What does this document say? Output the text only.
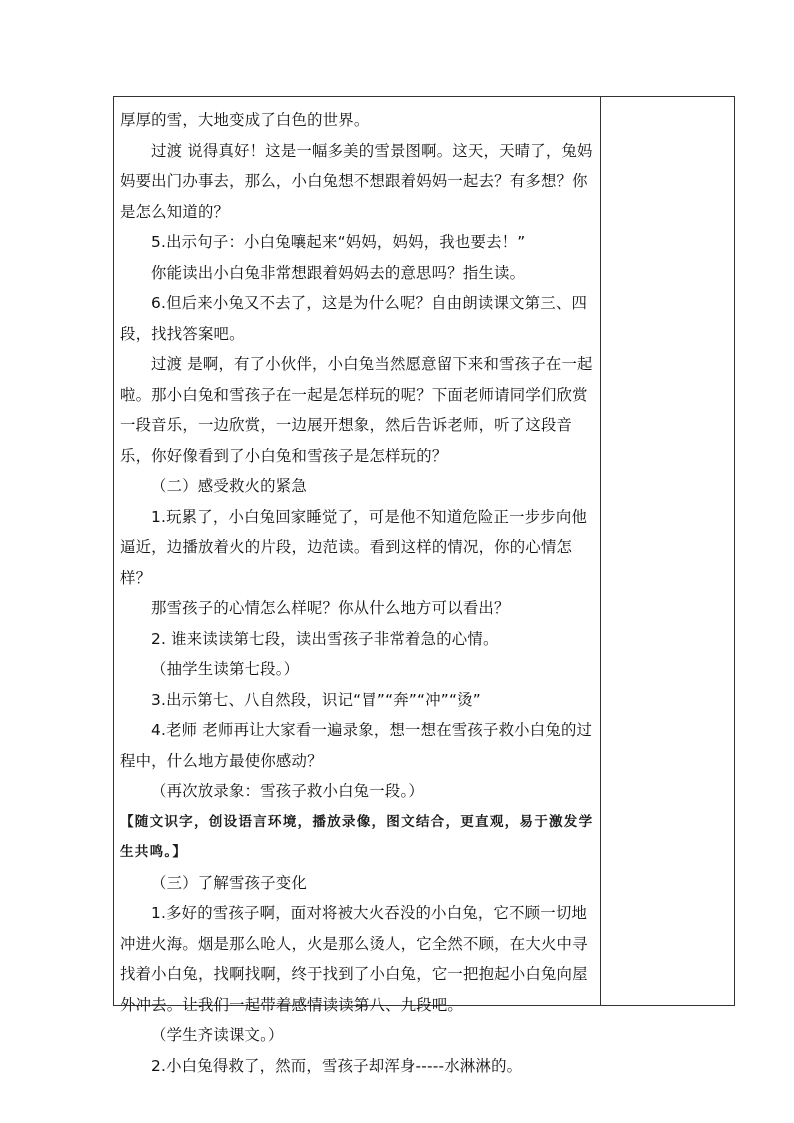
厚厚的雪，大地变成了白色的世界。

过渡 说得真好！这是一幅多美的雪景图啊。这天，天晴了，兔妈妈要出门办事去，那么，小白兔想不想跟着妈妈一起去？有多想？你是怎么知道的？

5.出示句子：小白兔嚷起来“妈妈，妈妈，我也要去！”

你能读出小白兔非常想跟着妈妈去的意思吗？指生读。

6.但后来小兔又不去了，这是为什么呢？自由朗读课文第三、四段，找找答案吧。

过渡 是啊，有了小伙伴，小白兔当然愿意留下来和雪孩子在一起啦。那小白兔和雪孩子在一起是怎样玩的呢？下面老师请同学们欣赏一段音乐，一边欣赏，一边展开想象，然后告诉老师，听了这段音乐，你好像看到了小白兔和雪孩子是怎样玩的？

（二）感受救火的紧急

1.玩累了，小白兔回家睡觉了，可是他不知道危险正一步步向他逼近，边播放着火的片段，边范读。看到这样的情况，你的心情怎样？

那雪孩子的心情怎么样呢？你从什么地方可以看出？

2. 谁来读读第七段，读出雪孩子非常着急的心情。

（抽学生读第七段。）

3.出示第七、八自然段，识记“冒”“奔”“冲”“烫”

4.老师 老师再让大家看一遍录象，想一想在雪孩子救小白兔的过程中，什么地方最使你感动？

（再次放录象：雪孩子救小白兔一段。）

【随文识字，创设语言环境，播放录像，图文结合，更直观，易于激发学生共鸣。】

（三）了解雪孩子变化

1.多好的雪孩子啊，面对将被大火吞没的小白兔，它不顾一切地冲进火海。烟是那么呛人，火是那么烫人，它全然不顾，在大火中寻找着小白兔，找啊找啊，终于找到了小白兔，它一把抱起小白兔向屋外冲去。让我们一起带着感情读读第八、九段吧。

（学生齐读课文。）

2.小白兔得救了，然而，雪孩子却浑身-----水淋淋的。
